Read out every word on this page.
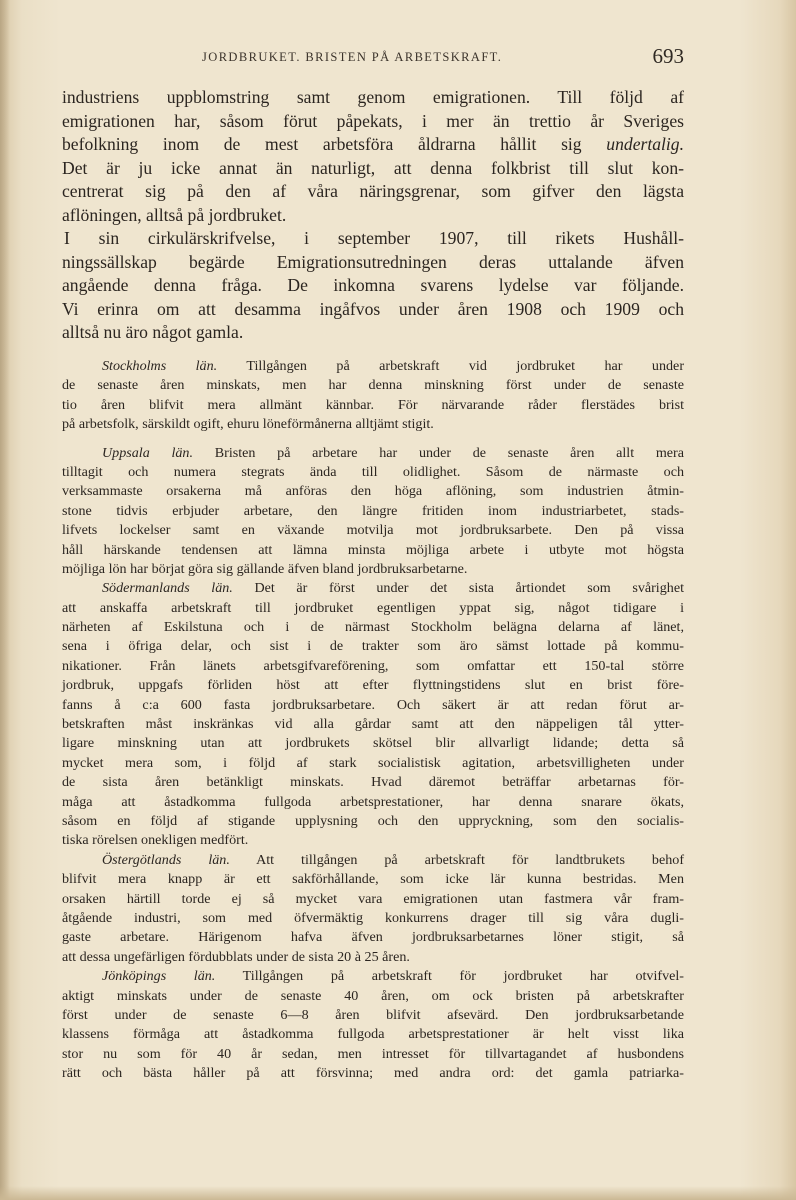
JORDBRUKET. BRISTEN PÅ ARBETSKRAFT.	693
industriens uppblomstring samt genom emigrationen. Till följd af
emigrationen har, såsom förut påpekats, i mer än trettio år Sveriges
befolkning inom de mest arbetsföra åldrarna hållit sig undertalig.
Det är ju icke annat än naturligt, att denna folkbrist till slut kon-
centrerat sig på den af våra näringsgrenar, som gifver den lägsta
aflöningen, alltså på jordbruket.
I sin cirkulärskrifvelse, i september 1907, till rikets Hushåll-
ningssällskap begärde Emigrationsutredningen deras uttalande äfven
angående denna fråga. De inkomna svarens lydelse var följande.
Vi erinra om att desamma ingåfvos under åren 1908 och 1909 och
alltså nu äro något gamla.
Stockholms län. Tillgången på arbetskraft vid jordbruket har under
de senaste åren minskats, men har denna minskning först under de senaste
tio åren blifvit mera allmänt kännbar. För närvarande råder flerstädes brist
på arbetsfolk, särskildt ogift, ehuru löneförmånerna alltjämt stigit.
Uppsala län. Bristen på arbetare har under de senaste åren allt mera
tilltagit och numera stegrats ända till olidlighet. Såsom de närmaste och
verksammaste orsakerna må anföras den höga aflöning, som industrien åtmin-
stone tidvis erbjuder arbetare, den längre fritiden inom industriarbetet, stads-
lifvets lockelser samt en växande motvilja mot jordbruksarbete. Den på vissa
håll härskande tendensen att lämna minsta möjliga arbete i utbyte mot högsta
möjliga lön har börjat göra sig gällande äfven bland jordbruksarbetarne.
Södermanlands län. Det är först under det sista årtiondet som svårighet
att anskaffa arbetskraft till jordbruket egentligen yppat sig, något tidigare i
närheten af Eskilstuna och i de närmast Stockholm belägna delarna af länet,
sena i öfriga delar, och sist i de trakter som äro sämst lottade på kommu-
nikationer. Från länets arbetsgifvareförening, som omfattar ett 150-tal större
jordbruk, uppgafs förliden höst att efter flyttningstidens slut en brist före-
fanns å c:a 600 fasta jordbruksarbetare. Och säkert är att redan förut ar-
betskraften måst inskränkas vid alla gårdar samt att den näppeligen tål ytter-
ligare minskning utan att jordbrukets skötsel blir allvarligt lidande; detta så
mycket mera som, i följd af stark socialistisk agitation, arbetsvilligheten under
de sista åren betänkligt minskats. Hvad däremot beträffar arbetarnas för-
måga att åstadkomma fullgoda arbetsprestationer, har denna snarare ökats,
såsom en följd af stigande upplysning och den uppryckning, som den socialis-
tiska rörelsen onekligen medfört.
Östergötlands län. Att tillgången på arbetskraft för landtbrukets behof
blifvit mera knapp är ett sakförhållande, som icke lär kunna bestridas. Men
orsaken härtill torde ej så mycket vara emigrationen utan fastmera vår fram-
åtgående industri, som med öfvermäktig konkurrens drager till sig våra dugli-
gaste arbetare. Härigenom hafva äfven jordbruksarbetarnes löner stigit, så
att dessa ungefärligen fördubblats under de sista 20 à 25 åren.
Jönköpings län. Tillgången på arbetskraft för jordbruket har otvifvel-
aktigt minskats under de senaste 40 åren, om ock bristen på arbetskrafter
först under de senaste 6—8 åren blifvit afsevärd. Den jordbruksarbetande
klassens förmåga att åstadkomma fullgoda arbetsprestationer är helt visst lika
stor nu som för 40 år sedan, men intresset för tillvartagandet af husbondens
rätt och bästa håller på att försvinna; med andra ord: det gamla patriarka-
